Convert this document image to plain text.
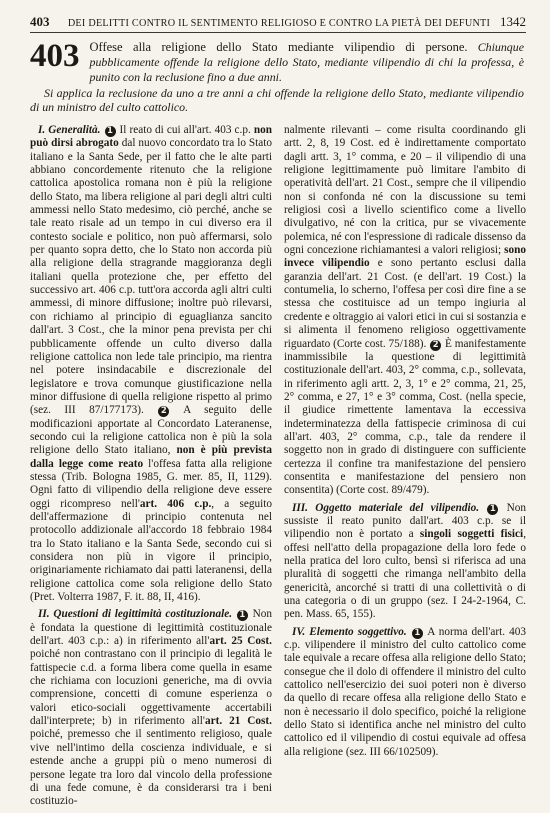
403	DEI DELITTI CONTRO IL SENTIMENTO RELIGIOSO E CONTRO LA PIETÀ DEI DEFUNTI 1342
403 Offese alla religione dello Stato mediante vilipendio di persone. Chiunque pubblicamente offende la religione dello Stato, mediante vilipendio di chi la professa, è punito con la reclusione fino a due anni.
Si applica la reclusione da uno a tre anni a chi offende la religione dello Stato, mediante vilipendio di un ministro del culto cattolico.

I. Generalità. 1 Il reato di cui all'art. 403 c.p. non può dirsi abrogato dal nuovo concordato tra lo Stato italiano e la Santa Sede, per il fatto che le alte parti abbiano concordemente ritenuto che la religione cattolica apostolica romana non è più la religione dello Stato, ma libera religione al pari degli altri culti ammessi nello Stato medesimo, ciò perché, anche se tale reato risale ad un tempo in cui diverso era il contesto sociale e politico, non può affermarsi, solo per quanto sopra detto, che lo Stato non accorda più alla religione della stragrande maggioranza degli italiani quella protezione che, per effetto del successivo art. 406 c.p. tutt'ora accorda agli altri culti ammessi, di minore diffusione; inoltre può rilevarsi, con richiamo al principio di eguaglianza sancito dall'art. 3 Cost., che la minor pena prevista per chi pubblicamente offende un culto diverso dalla religione cattolica non lede tale principio, ma rientra nel potere insindacabile e discrezionale del legislatore e trova comunque giustificazione nella minor diffusione di quella religione rispetto al primo (sez. III 87/177173). 2 A seguito delle modificazioni apportate al Concordato Lateranense, secondo cui la religione cattolica non è più la sola religione dello Stato italiano, non è più prevista dalla legge come reato l'offesa fatta alla religione stessa (Trib. Bologna 1985, G. mer. 85, II, 1129). Ogni fatto di vilipendio della religione deve essere oggi ricompreso nell'art. 406 c.p., a seguito dell'affermazione di principio contenuta nel protocollo addizionale all'accordo 18 febbraio 1984 tra lo Stato italiano e la Santa Sede, secondo cui si considera non più in vigore il principio, originariamente richiamato dai patti lateranensi, della religione cattolica come sola religione dello Stato (Pret. Volterra 1987, F. it. 88, II, 416).

II. Questioni di legittimità costituzionale. 1 Non è fondata la questione di legittimità costituzionale dell'art. 403 c.p.: a) in riferimento all'art. 25 Cost. poiché non contrastano con il principio di legalità le fattispecie c.d. a forma libera come quella in esame che richiama con locuzioni generiche, ma di ovvia comprensione, concetti di comune esperienza o valori etico-sociali oggettivamente accertabili dall'interprete; b) in riferimento all'art. 21 Cost. poiché, premesso che il sentimento religioso, quale vive nell'intimo della coscienza individuale, e si estende anche a gruppi più o meno numerosi di persone legate tra loro dal vincolo della professione di una fede comune, è da considerarsi tra i beni costituzio-

nalmente rilevanti – come risulta coordinando gli artt. 2, 8, 19 Cost. ed è indirettamente comportato dagli artt. 3, 1° comma, e 20 – il vilipendio di una religione legittimamente può limitare l'ambito di operatività dell'art. 21 Cost., sempre che il vilipendio non si confonda né con la discussione su temi religiosi così a livello scientifico come a livello divulgativo, né con la critica, pur se vivacemente polemica, né con l'espressione di radicale dissenso da ogni concezione richiamantesi a valori religiosi; sono invece vilipendio e sono pertanto esclusi dalla garanzia dell'art. 21 Cost. (e dell'art. 19 Cost.) la contumelia, lo scherno, l'offesa per così dire fine a se stessa che costituisce ad un tempo ingiuria al credente e oltraggio ai valori etici in cui si sostanzia e si alimenta il fenomeno religioso oggettivamente riguardato (Corte cost. 75/188). 2 È manifestamente inammissibile la questione di legittimità costituzionale dell'art. 403, 2° comma, c.p., sollevata, in riferimento agli artt. 2, 3, 1° e 2° comma, 21, 25, 2° comma, e 27, 1° e 3° comma, Cost. (nella specie, il giudice rimettente lamentava la eccessiva indeterminatezza della fattispecie criminosa di cui all'art. 403, 2° comma, c.p., tale da rendere il soggetto non in grado di distinguere con sufficiente certezza il confine tra manifestazione del pensiero consentita e manifestazione del pensiero non consentita) (Corte cost. 89/479).

III. Oggetto materiale del vilipendio. 1 Non sussiste il reato punito dall'art. 403 c.p. se il vilipendio non è portato a singoli soggetti fisici, offesi nell'atto della propagazione della loro fede o nella pratica del loro culto, bensì si riferisca ad una pluralità di soggetti che rimanga nell'ambito della genericità, ancorché si tratti di una collettività o di una categoria o di un gruppo (sez. I 24-2-1964, C. pen. Mass. 65, 155).

IV. Elemento soggettivo. 1 A norma dell'art. 403 c.p. vilipendere il ministro del culto cattolico come tale equivale a recare offesa alla religione dello Stato; consegue che il dolo di offendere il ministro del culto cattolico nell'esercizio dei suoi poteri non è diverso da quello di recare offesa alla religione dello Stato e non è necessario il dolo specifico, poiché la religione dello Stato si identifica anche nel ministro del culto cattolico ed il vilipendio di costui equivale ad offesa alla religione (sez. III 66/102509).
